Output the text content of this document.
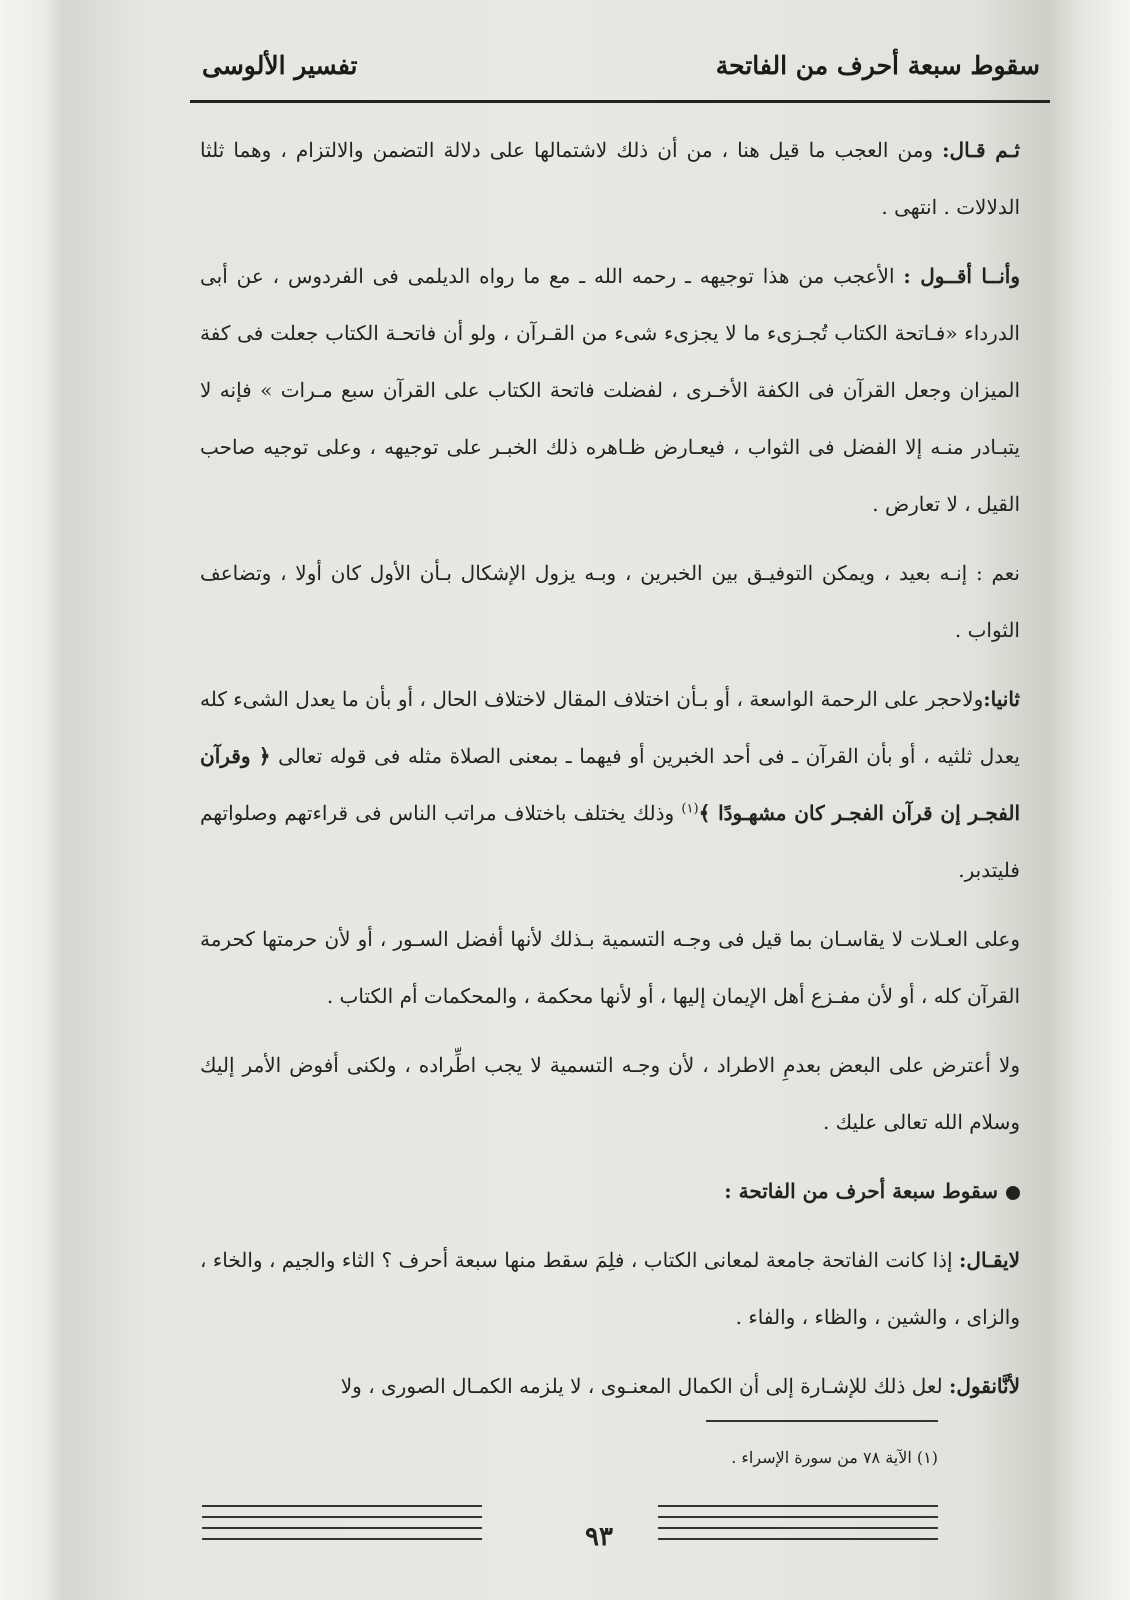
سقوط سبعة أحرف من الفاتحة
تفسير الألوسى

ثـم قـال: ومن العجب ما قيل هنا ، من أن ذلك لاشتمالها على دلالة التضمن والالتزام ، وهما ثلثا الدلالات . انتهى .

وأنــا أقــول : الأعجب من هذا توجيهه ـ رحمه الله ـ مع ما رواه الديلمى فى الفردوس ، عن أبى الدرداء «فـاتحة الكتاب تُجـزىء ما لا يجزىء شىء من القـرآن ، ولو أن فاتحـة الكتاب جعلت فى كفة الميزان وجعل القرآن فى الكفة الأخـرى ، لفضلت فاتحة الكتاب على القرآن سبع مـرات » فإنه لا يتبـادر منـه إلا الفضل فى الثواب ، فيعـارض ظـاهره ذلك الخبـر على توجيهه ، وعلى توجيه صاحب القيل ، لا تعارض .

نعم : إنـه بعيد ، ويمكن التوفيـق بين الخبرين ، وبـه يزول الإشكال بـأن الأول كان أولا ، وتضاعف الثواب .

ثانيا:ولاحجر على الرحمة الواسعة ، أو بـأن اختلاف المقال لاختلاف الحال ، أو بأن ما يعدل الشىء كله يعدل ثلثيه ، أو بأن القرآن ـ فى أحد الخبرين أو فيهما ـ بمعنى الصلاة مثله فى قوله تعالى ﴿ وقرآن الفجـر إن قرآن الفجـر كان مشهـودًا ﴾$^{(١)}$ وذلك يختلف باختلاف مراتب الناس فى قراءتهم وصلواتهم فليتدبر.

وعلى العـلات لا يقاسـان بما قيل فى وجـه التسمية بـذلك لأنها أفضل السـور ، أو لأن حرمتها كحرمة القرآن كله ، أو لأن مفـزع أهل الإيمان إليها ، أو لأنها محكمة ، والمحكمات أم الكتاب .

ولا أعترض على البعض بعدمِ الاطراد ، لأن وجـه التسمية لا يجب اطِّراده ، ولكنى أفوض الأمر إليك وسلام الله تعالى عليك .

سقوط سبعة أحرف من الفاتحة :

لايقـال: إذا كانت الفاتحة جامعة لمعانى الكتاب ، فلِمَ سقط منها سبعة أحرف ؟ الثاء والجيم ، والخاء ، والزاى ، والشين ، والظاء ، والفاء .

لأنَّانقول: لعل ذلك للإشـارة إلى أن الكمال المعنـوى ، لا يلزمه الكمـال الصورى ، ولا

(١) الآية ٧٨ من سورة الإسراء .
٩٣
